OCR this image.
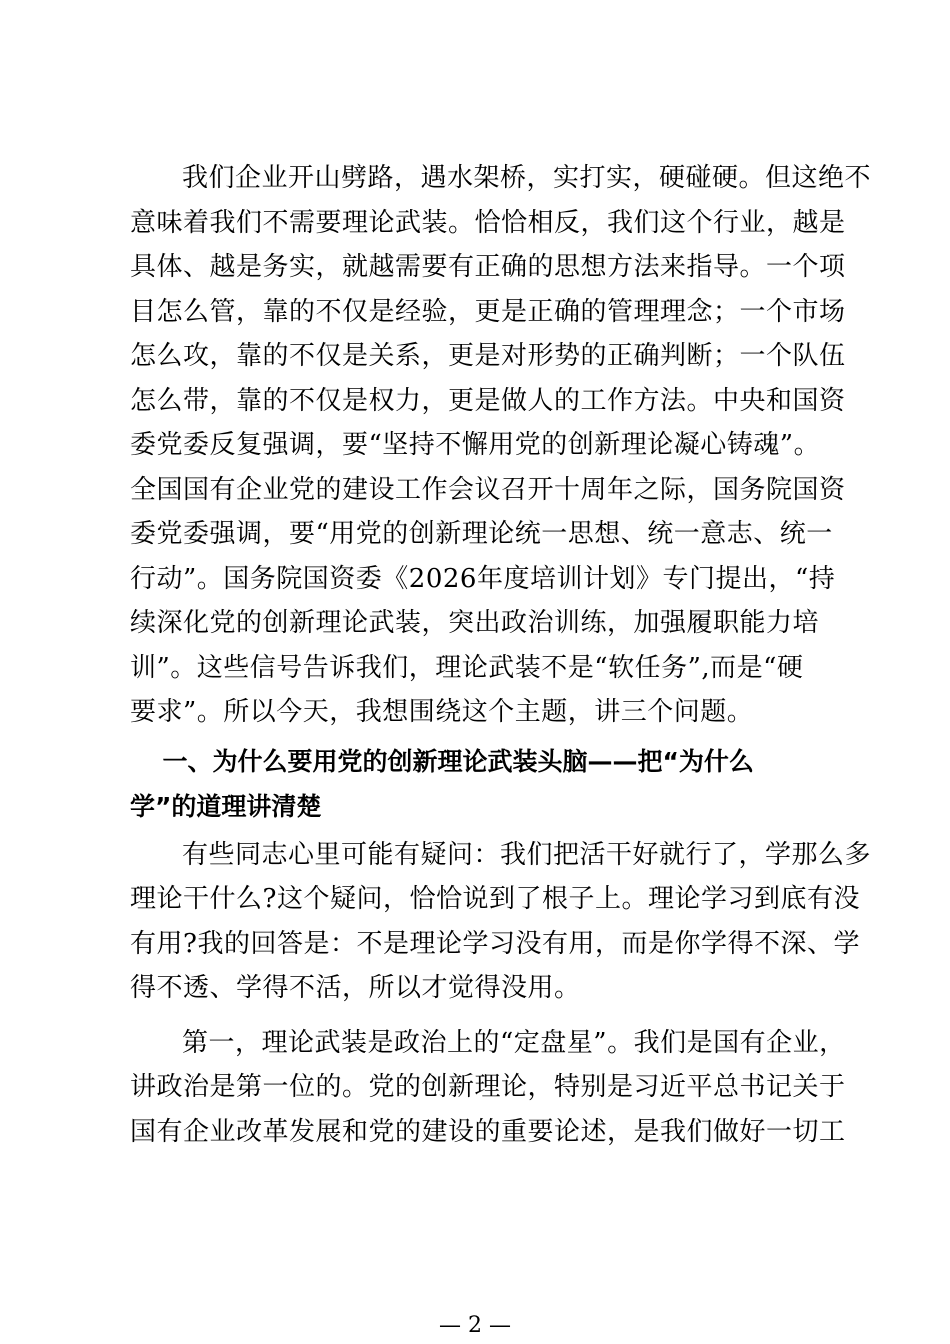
我们企业开山劈路，遇水架桥，实打实，硬碰硬。但这绝不
意味着我们不需要理论武装。恰恰相反，我们这个行业，越是
具体、越是务实，就越需要有正确的思想方法来指导。一个项
目怎么管，靠的不仅是经验，更是正确的管理理念；一个市场
怎么攻，靠的不仅是关系，更是对形势的正确判断；一个队伍
怎么带，靠的不仅是权力，更是做人的工作方法。中央和国资
委党委反复强调，要“坚持不懈用党的创新理论凝心铸魂”。
全国国有企业党的建设工作会议召开十周年之际，国务院国资
委党委强调，要“用党的创新理论统一思想、统一意志、统一
行动”。国务院国资委《2026年度培训计划》专门提出，“持
续深化党的创新理论武装，突出政治训练，加强履职能力培
训”。这些信号告诉我们，理论武装不是“软任务”,而是“硬
要求”。所以今天，我想围绕这个主题，讲三个问题。

一、为什么要用党的创新理论武装头脑——把“为什么
学”的道理讲清楚

有些同志心里可能有疑问：我们把活干好就行了，学那么多
理论干什么?这个疑问，恰恰说到了根子上。理论学习到底有没
有用?我的回答是：不是理论学习没有用，而是你学得不深、学
得不透、学得不活，所以才觉得没用。

第一，理论武装是政治上的“定盘星”。我们是国有企业，
讲政治是第一位的。党的创新理论，特别是习近平总书记关于
国有企业改革发展和党的建设的重要论述，是我们做好一切工

— 2 —
